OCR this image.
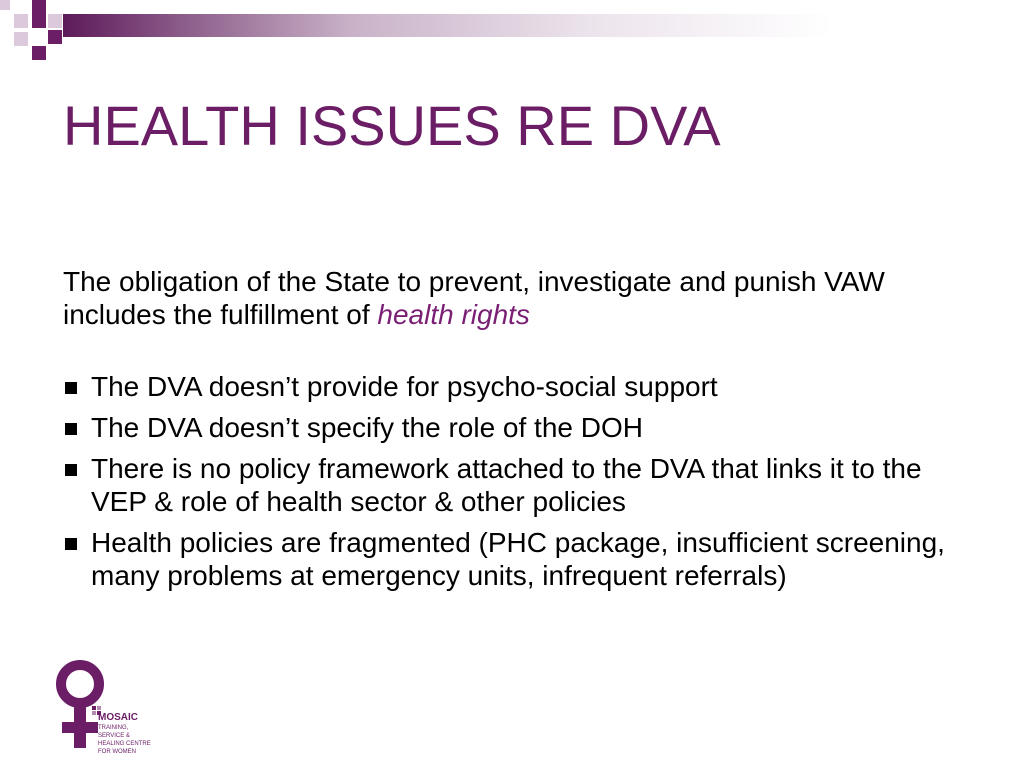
HEALTH ISSUES RE DVA

The obligation of the State to prevent, investigate and punish VAW includes the fulfillment of health rights

The DVA doesn’t provide for psycho-social support
The DVA doesn’t specify the role of the DOH
There is no policy framework attached to the DVA that links it to the VEP & role of health sector & other policies
Health policies are fragmented (PHC package, insufficient screening, many problems at emergency units, infrequent referrals)
MOSAIC
TRAINING, SERVICE & HEALING CENTRE FOR WOMEN
